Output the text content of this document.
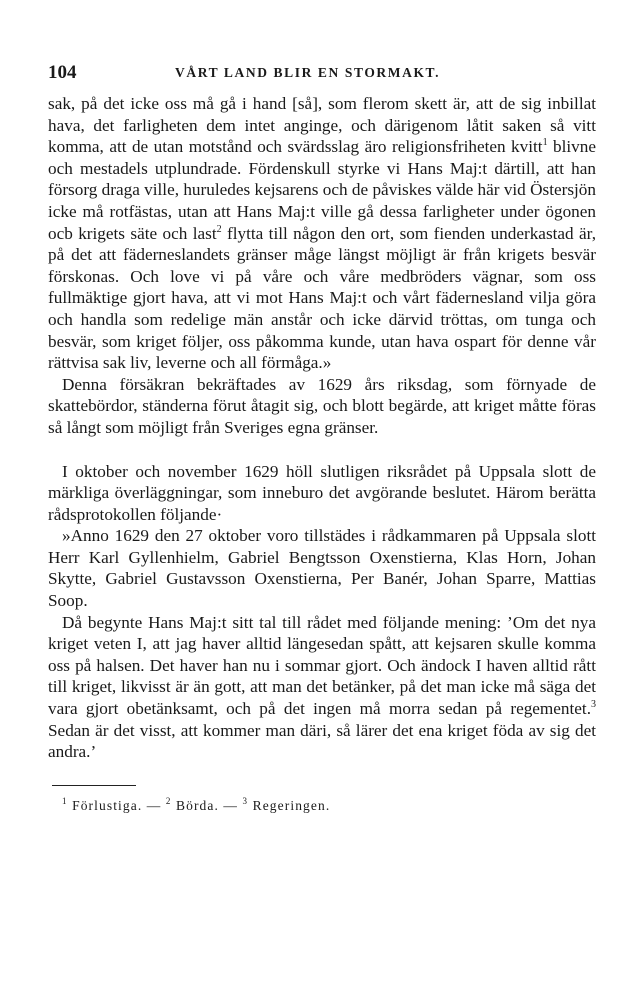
104	VÅRT LAND BLIR EN STORMAKT.

sak, på det icke oss må gå i hand [så], som flerom skett är, att de sig inbillat hava, det farligheten dem intet anginge, och därigenom låtit saken så vitt komma, att de utan motstånd och svärdsslag äro religionsfriheten kvitt$^1$ blivne och mestadels utplundrade. Fördenskull styrke vi Hans Maj:t därtill, att han försorg draga ville, huruledes kejsarens och de påviskes välde här vid Östersjön icke må rotfästas, utan att Hans Maj:t ville gå dessa farligheter under ögonen ocb krigets säte och last$^2$ flytta till någon den ort, som fienden underkastad är, på det att fäderneslandets gränser måge längst möjligt är från krigets besvär förskonas. Och love vi på våre och våre medbröders vägnar, som oss fullmäktige gjort hava, att vi mot Hans Maj:t och vårt fädernesland vilja göra och handla som redelige män anstår och icke därvid tröttas, om tunga och besvär, som kriget följer, oss påkomma kunde, utan hava ospart för denne vår rättvisa sak liv, leverne och all förmåga.»

Denna försäkran bekräftades av 1629 års riksdag, som förnyade de skattebördor, ständerna förut åtagit sig, och blott begärde, att kriget måtte föras så långt som möjligt från Sveriges egna gränser.

I oktober och november 1629 höll slutligen riksrådet på Uppsala slott de märkliga överläggningar, som inneburo det avgörande beslutet. Härom berätta rådsprotokollen följande·

»Anno 1629 den 27 oktober voro tillstädes i rådkammaren på Uppsala slott Herr Karl Gyllenhielm, Gabriel Bengtsson Oxenstierna, Klas Horn, Johan Skytte, Gabriel Gustavsson Oxenstierna, Per Banér, Johan Sparre, Mattias Soop.

Då begynte Hans Maj:t sitt tal till rådet med följande mening: ’Om det nya kriget veten I, att jag haver alltid längesedan spått, att kejsaren skulle komma oss på halsen. Det haver han nu i sommar gjort. Och ändock I haven alltid rått till kriget, likvisst är än gott, att man det betänker, på det man icke må säga det vara gjort obetänksamt, och på det ingen må morra sedan på regementet.$^3$ Sedan är det visst, att kommer man däri, så lärer det ena kriget föda av sig det andra.’

$^1$ Förlustiga. — $^2$ Börda. — $^3$ Regeringen.
